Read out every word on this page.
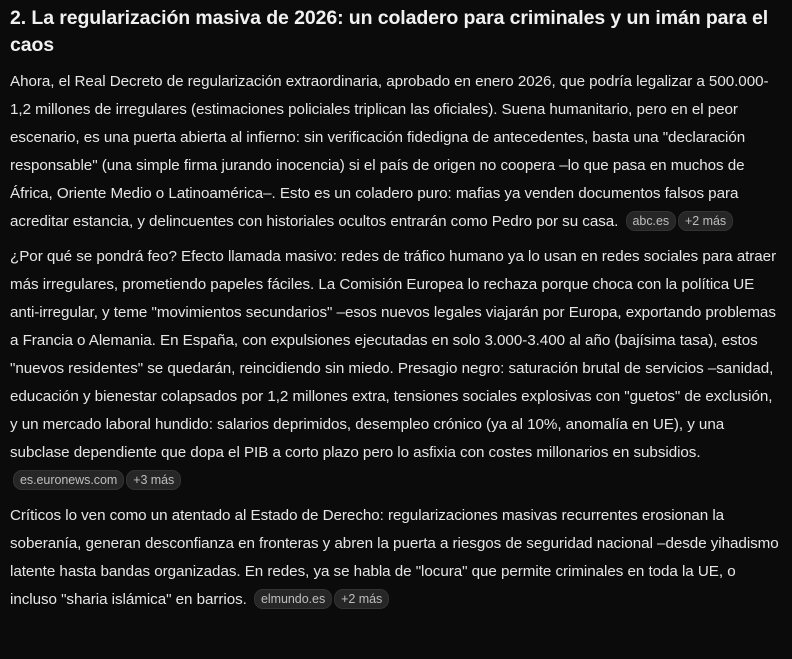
2. La regularización masiva de 2026: un coladero para criminales y un imán para el caos

Ahora, el Real Decreto de regularización extraordinaria, aprobado en enero 2026, que podría legalizar a 500.000-1,2 millones de irregulares (estimaciones policiales triplican las oficiales). Suena humanitario, pero en el peor escenario, es una puerta abierta al infierno: sin verificación fidedigna de antecedentes, basta una "declaración responsable" (una simple firma jurando inocencia) si el país de origen no coopera –lo que pasa en muchos de África, Oriente Medio o Latinoamérica–. Esto es un coladero puro: mafias ya venden documentos falsos para acreditar estancia, y delincuentes con historiales ocultos entrarán como Pedro por su casa. abc.es +2 más

¿Por qué se pondrá feo? Efecto llamada masivo: redes de tráfico humano ya lo usan en redes sociales para atraer más irregulares, prometiendo papeles fáciles. La Comisión Europea lo rechaza porque choca con la política UE anti-irregular, y teme "movimientos secundarios" –esos nuevos legales viajarán por Europa, exportando problemas a Francia o Alemania. En España, con expulsiones ejecutadas en solo 3.000-3.400 al año (bajísima tasa), estos "nuevos residentes" se quedarán, reincidiendo sin miedo. Presagio negro: saturación brutal de servicios –sanidad, educación y bienestar colapsados por 1,2 millones extra, tensiones sociales explosivas con "guetos" de exclusión, y un mercado laboral hundido: salarios deprimidos, desempleo crónico (ya al 10%, anomalía en UE), y una subclase dependiente que dopa el PIB a corto plazo pero lo asfixia con costes millonarios en subsidios. es.euronews.com +3 más

Críticos lo ven como un atentado al Estado de Derecho: regularizaciones masivas recurrentes erosionan la soberanía, generan desconfianza en fronteras y abren la puerta a riesgos de seguridad nacional –desde yihadismo latente hasta bandas organizadas. En redes, ya se habla de "locura" que permite criminales en toda la UE, o incluso "sharia islámica" en barrios. elmundo.es +2 más
